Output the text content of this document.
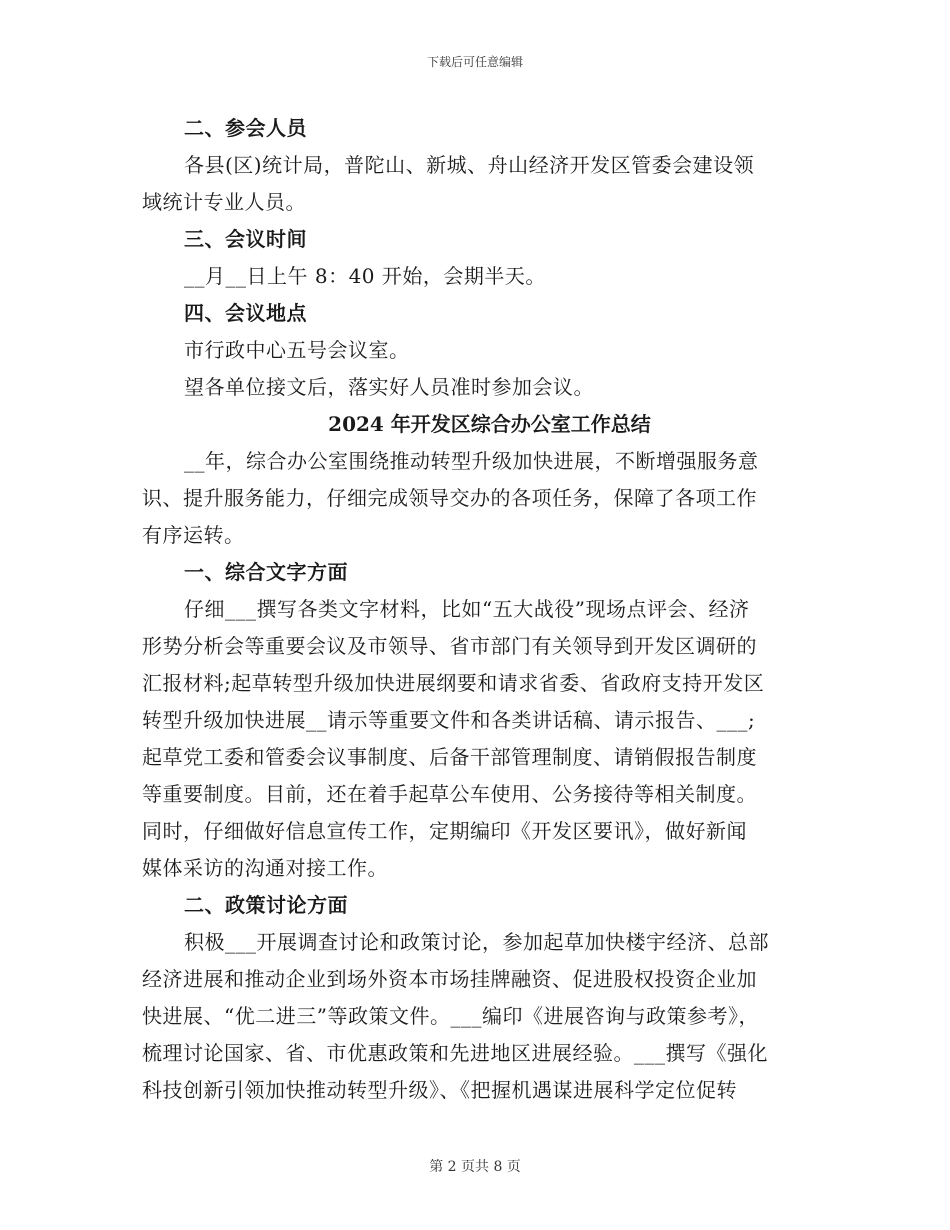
下载后可任意编辑
二、参会人员
各县(区)统计局，普陀山、新城、舟山经济开发区管委会建设领
域统计专业人员。
三、会议时间
__月__日上午 8：40 开始，会期半天。
四、会议地点
市行政中心五号会议室。
望各单位接文后，落实好人员准时参加会议。
2024 年开发区综合办公室工作总结
__年，综合办公室围绕推动转型升级加快进展，不断增强服务意
识、提升服务能力，仔细完成领导交办的各项任务，保障了各项工作
有序运转。
一、综合文字方面
仔细___撰写各类文字材料，比如“五大战役”现场点评会、经济
形势分析会等重要会议及市领导、省市部门有关领导到开发区调研的
汇报材料;起草转型升级加快进展纲要和请求省委、省政府支持开发区
转型升级加快进展__请示等重要文件和各类讲话稿、请示报告、___;
起草党工委和管委会议事制度、后备干部管理制度、请销假报告制度
等重要制度。目前，还在着手起草公车使用、公务接待等相关制度。
同时，仔细做好信息宣传工作，定期编印《开发区要讯》，做好新闻
媒体采访的沟通对接工作。
二、政策讨论方面
积极___开展调查讨论和政策讨论，参加起草加快楼宇经济、总部
经济进展和推动企业到场外资本市场挂牌融资、促进股权投资企业加
快进展、“优二进三”等政策文件。___编印《进展咨询与政策参考》，
梳理讨论国家、省、市优惠政策和先进地区进展经验。___撰写《强化
科技创新引领加快推动转型升级》、《把握机遇谋进展科学定位促转
第 2 页共 8 页
